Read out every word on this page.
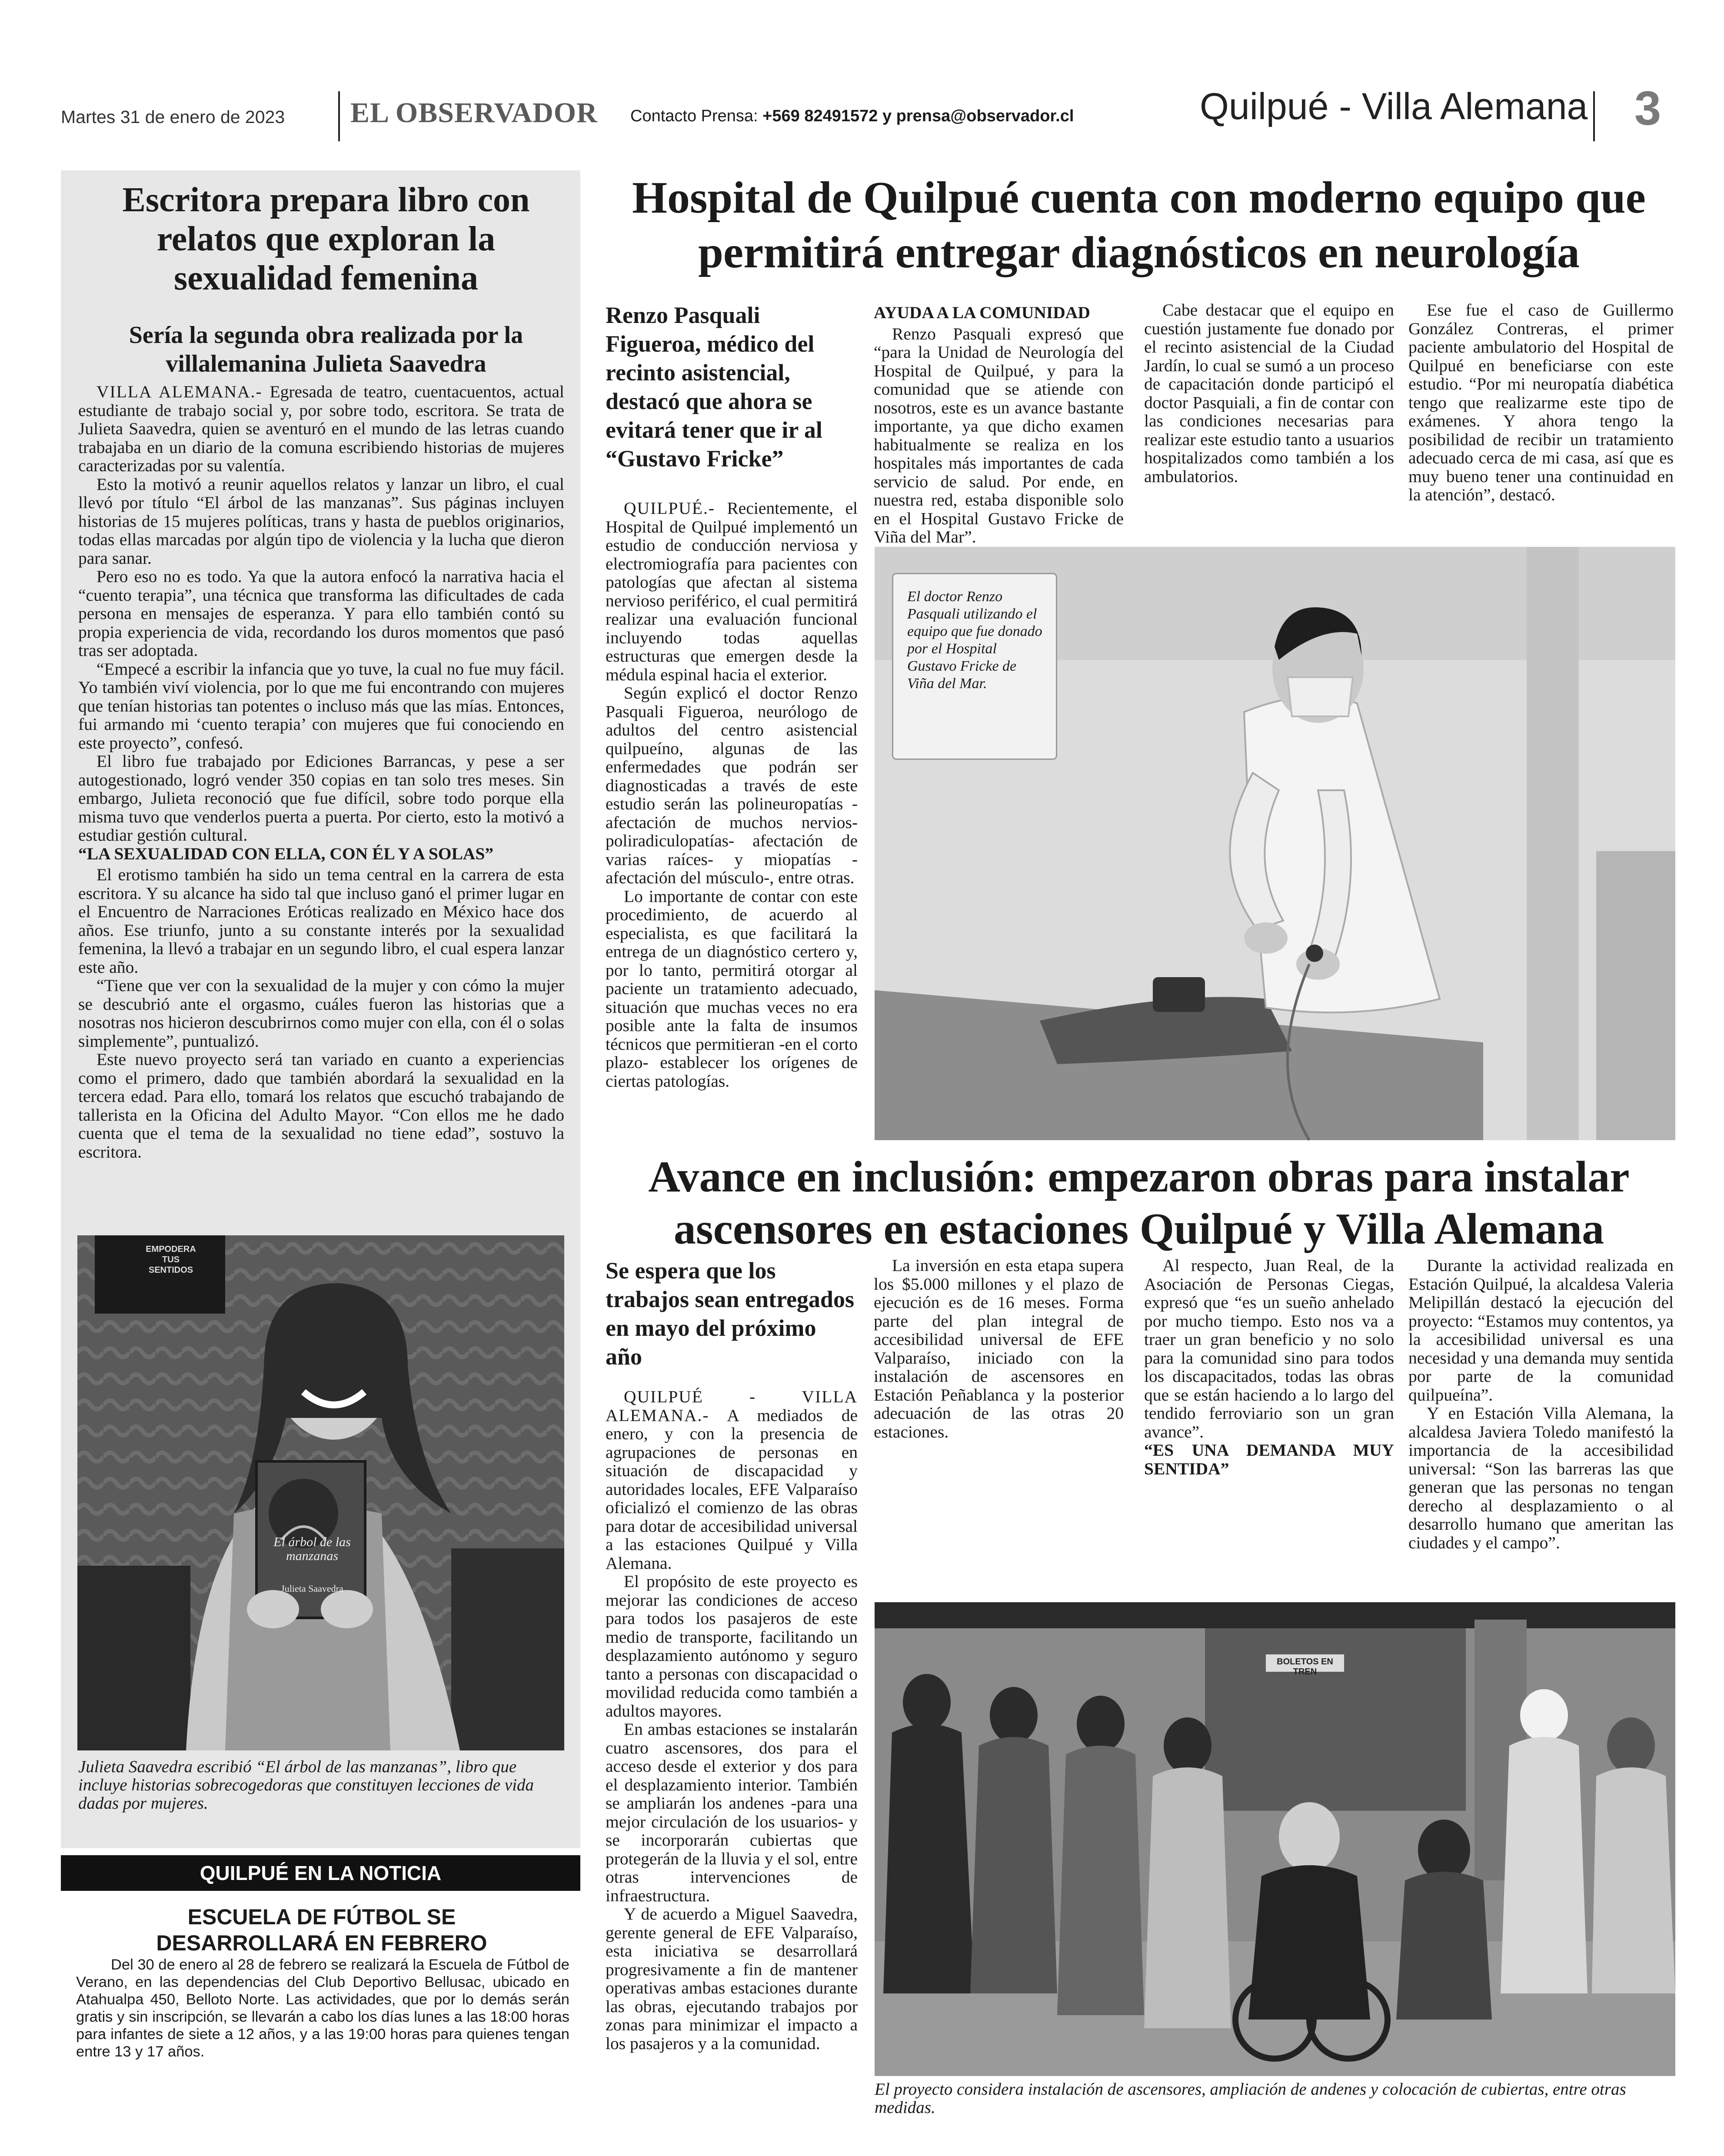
Martes 31 de enero de 2023 EL OBSERVADOR Contacto Prensa: +569 82491572 y prensa@observador.cl	Quilpué - Villa Alemana 3
Escritora prepara libro con relatos que exploran la sexualidad femenina
Sería la segunda obra realizada por la villalemanina Julieta Saavedra

VILLA ALEMANA.- Egresada de teatro, cuentacuentos, actual estudiante de trabajo social y, por sobre todo, escritora. Se trata de Julieta Saavedra, quien se aventuró en el mundo de las letras cuando trabajaba en un diario de la comuna escribiendo historias de mujeres caracterizadas por su valentía.

Esto la motivó a reunir aquellos relatos y lanzar un libro, el cual llevó por título “El árbol de las manzanas”. Sus páginas incluyen historias de 15 mujeres políticas, trans y hasta de pueblos originarios, todas ellas marcadas por algún tipo de violencia y la lucha que dieron para sanar.

Pero eso no es todo. Ya que la autora enfocó la narrativa hacia el “cuento terapia”, una técnica que transforma las dificultades de cada persona en mensajes de esperanza. Y para ello también contó su propia experiencia de vida, recordando los duros momentos que pasó tras ser adoptada.

“Empecé a escribir la infancia que yo tuve, la cual no fue muy fácil. Yo también viví violencia, por lo que me fui encontrando con mujeres que tenían historias tan potentes o incluso más que las mías. Entonces, fui armando mi ‘cuento terapia’ con mujeres que fui conociendo en este proyecto”, confesó.

El libro fue trabajado por Ediciones Barrancas, y pese a ser autogestionado, logró vender 350 copias en tan solo tres meses. Sin embargo, Julieta reconoció que fue difícil, sobre todo porque ella misma tuvo que venderlos puerta a puerta. Por cierto, esto la motivó a estudiar gestión cultural.

“LA SEXUALIDAD CON ELLA, CON ÉL Y A SOLAS”

El erotismo también ha sido un tema central en la carrera de esta escritora. Y su alcance ha sido tal que incluso ganó el primer lugar en el Encuentro de Narraciones Eróticas realizado en México hace dos años. Ese triunfo, junto a su constante interés por la sexualidad femenina, la llevó a trabajar en un segundo libro, el cual espera lanzar este año.

“Tiene que ver con la sexualidad de la mujer y con cómo la mujer se descubrió ante el orgasmo, cuáles fueron las historias que a nosotras nos hicieron descubrirnos como mujer con ella, con él o solas simplemente”, puntualizó.

Este nuevo proyecto será tan variado en cuanto a experiencias como el primero, dado que también abordará la sexualidad en la tercera edad. Para ello, tomará los relatos que escuchó trabajando de tallerista en la Oficina del Adulto Mayor. “Con ellos me he dado cuenta que el tema de la sexualidad no tiene edad”, sostuvo la escritora.

El árbol de las manzanas
Julieta Saavedra
EMPODERA TUS SENTIDOS
Julieta Saavedra escribió “El árbol de las manzanas”, libro que incluye historias sobrecogedoras que constituyen lecciones de vida dadas por mujeres.
QUILPUÉ EN LA NOTICIA
ESCUELA DE FÚTBOL SE DESARROLLARÁ EN FEBRERO
Del 30 de enero al 28 de febrero se realizará la Escuela de Fútbol de Verano, en las dependencias del Club Deportivo Bellusac, ubicado en Atahualpa 450, Belloto Norte. Las actividades, que por lo demás serán gratis y sin inscripción, se llevarán a cabo los días lunes a las 18:00 horas para infantes de siete a 12 años, y a las 19:00 horas para quienes tengan entre 13 y 17 años.
Hospital de Quilpué cuenta con moderno equipo que permitirá entregar diagnósticos en neurología
Renzo Pasquali Figueroa, médico del recinto asistencial, destacó que ahora se evitará tener que ir al “Gustavo Fricke”

QUILPUÉ.- Recientemente, el Hospital de Quilpué implementó un estudio de conducción nerviosa y electromiografía para pacientes con patologías que afectan al sistema nervioso periférico, el cual permitirá realizar una evaluación funcional incluyendo todas aquellas estructuras que emergen desde la médula espinal hacia el exterior.

Según explicó el doctor Renzo Pasquali Figueroa, neurólogo de adultos del centro asistencial quilpueíno, algunas de las enfermedades que podrán ser diagnosticadas a través de este estudio serán las polineuropatías -afectación de muchos nervios- poliradiculopatías- afectación de varias raíces- y miopatías -afectación del músculo-, entre otras.

Lo importante de contar con este procedimiento, de acuerdo al especialista, es que facilitará la entrega de un diagnóstico certero y, por lo tanto, permitirá otorgar al paciente un tratamiento adecuado, situación que muchas veces no era posible ante la falta de insumos técnicos que permitieran -en el corto plazo- establecer los orígenes de ciertas patologías.

AYUDA A LA COMUNIDAD

Renzo Pasquali expresó que “para la Unidad de Neurología del Hospital de Quilpué, y para la comunidad que se atiende con nosotros, este es un avance bastante importante, ya que dicho examen habitualmente se realiza en los hospitales más importantes de cada servicio de salud. Por ende, en nuestra red, estaba disponible solo en el Hospital Gustavo Fricke de Viña del Mar”.

Cabe destacar que el equipo en cuestión justamente fue donado por el recinto asistencial de la Ciudad Jardín, lo cual se sumó a un proceso de capacitación donde participó el doctor Pasquiali, a fin de contar con las condiciones necesarias para realizar este estudio tanto a usuarios hospitalizados como también a los ambulatorios.

Ese fue el caso de Guillermo González Contreras, el primer paciente ambulatorio del Hospital de Quilpué en beneficiarse con este estudio. “Por mi neuropatía diabética tengo que realizarme este tipo de exámenes. Y ahora tengo la posibilidad de recibir un tratamiento adecuado cerca de mi casa, así que es muy bueno tener una continuidad en la atención”, destacó.

El doctor Renzo Pasquali utilizando el equipo que fue donado por el Hospital Gustavo Fricke de Viña del Mar.
Avance en inclusión: empezaron obras para instalar ascensores en estaciones Quilpué y Villa Alemana
Se espera que los trabajos sean entregados en mayo del próximo año

QUILPUÉ - VILLA ALEMANA.- A mediados de enero, y con la presencia de agrupaciones de personas en situación de discapacidad y autoridades locales, EFE Valparaíso oficializó el comienzo de las obras para dotar de accesibilidad universal a las estaciones Quilpué y Villa Alemana.

El propósito de este proyecto es mejorar las condiciones de acceso para todos los pasajeros de este medio de transporte, facilitando un desplazamiento autónomo y seguro tanto a personas con discapacidad o movilidad reducida como también a adultos mayores.

En ambas estaciones se instalarán cuatro ascensores, dos para el acceso desde el exterior y dos para el desplazamiento interior. También se ampliarán los andenes -para una mejor circulación de los usuarios- y se incorporarán cubiertas que protegerán de la lluvia y el sol, entre otras intervenciones de infraestructura.

Y de acuerdo a Miguel Saavedra, gerente general de EFE Valparaíso, esta iniciativa se desarrollará progresivamente a fin de mantener operativas ambas estaciones durante las obras, ejecutando trabajos por zonas para minimizar el impacto a los pasajeros y a la comunidad.

La inversión en esta etapa supera los $5.000 millones y el plazo de ejecución es de 16 meses. Forma parte del plan integral de accesibilidad universal de EFE Valparaíso, iniciado con la instalación de ascensores en Estación Peñablanca y la posterior adecuación de las otras 20 estaciones.

Al respecto, Juan Real, de la Asociación de Personas Ciegas, expresó que “es un sueño anhelado por mucho tiempo. Esto nos va a traer un gran beneficio y no solo para la comunidad sino para todos los discapacitados, todas las obras que se están haciendo a lo largo del tendido ferroviario son un gran avance”.

“ES UNA DEMANDA MUY SENTIDA”

Durante la actividad realizada en Estación Quilpué, la alcaldesa Valeria Melipillán destacó la ejecución del proyecto: “Estamos muy contentos, ya la accesibilidad universal es una necesidad y una demanda muy sentida por parte de la comunidad quilpueína”.

Y en Estación Villa Alemana, la alcaldesa Javiera Toledo manifestó la importancia de la accesibilidad universal: “Son las barreras las que generan que las personas no tengan derecho al desplazamiento o al desarrollo humano que ameritan las ciudades y el campo”.

BOLETOS EN TREN
El proyecto considera instalación de ascensores, ampliación de andenes y colocación de cubiertas, entre otras medidas.
